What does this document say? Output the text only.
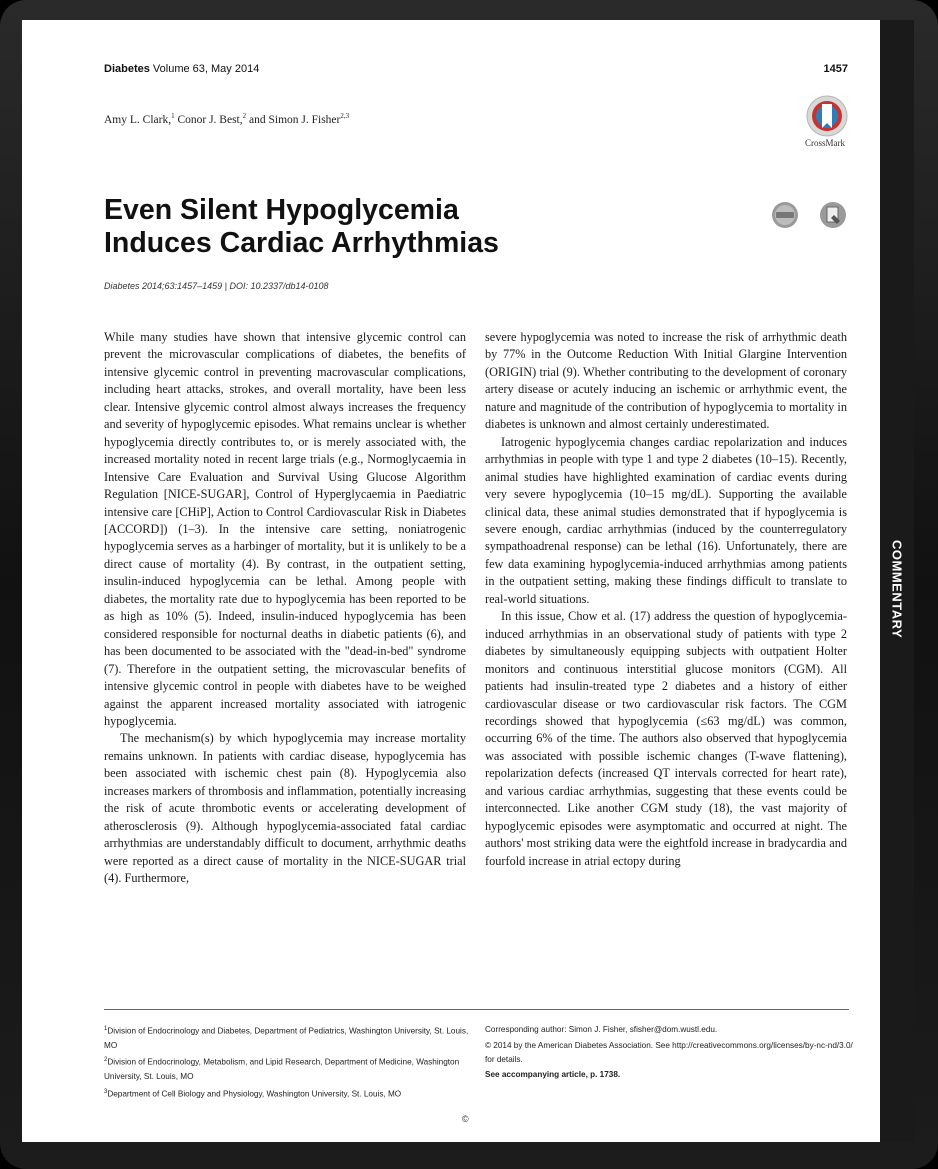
Diabetes Volume 63, May 2014	1457
Amy L. Clark,$^1$ Conor J. Best,$^2$ and Simon J. Fisher$^{2,3}$
CrossMark
Even Silent Hypoglycemia
Induces Cardiac Arrhythmias
Diabetes 2014;63:1457–1459 | DOI: 10.2337/db14-0108

While many studies have shown that intensive glycemic control can prevent the microvascular complications of diabetes, the benefits of intensive glycemic control in preventing macrovascular complications, including heart attacks, strokes, and overall mortality, have been less clear. Intensive glycemic control almost always increases the frequency and severity of hypoglycemic episodes. What remains unclear is whether hypoglycemia directly contributes to, or is merely associated with, the increased mortality noted in recent large trials (e.g., Normoglycaemia in Intensive Care Evaluation and Survival Using Glucose Algorithm Regulation [NICE-SUGAR], Control of Hyperglycaemia in Paediatric intensive care [CHiP], Action to Control Cardiovascular Risk in Diabetes [ACCORD]) (1–3). In the intensive care setting, noniatrogenic hypoglycemia serves as a harbinger of mortality, but it is unlikely to be a direct cause of mortality (4). By contrast, in the outpatient setting, insulin-induced hypoglycemia can be lethal. Among people with diabetes, the mortality rate due to hypoglycemia has been reported to be as high as 10% (5). Indeed, insulin-induced hypoglycemia has been considered responsible for nocturnal deaths in diabetic patients (6), and has been documented to be associated with the "dead-in-bed" syndrome (7). Therefore in the outpatient setting, the microvascular benefits of intensive glycemic control in people with diabetes have to be weighed against the apparent increased mortality associated with iatrogenic hypoglycemia.

The mechanism(s) by which hypoglycemia may increase mortality remains unknown. In patients with cardiac disease, hypoglycemia has been associated with ischemic chest pain (8). Hypoglycemia also increases markers of thrombosis and inflammation, potentially increasing the risk of acute thrombotic events or accelerating development of atherosclerosis (9). Although hypoglycemia-associated fatal cardiac arrhythmias are understandably difficult to document, arrhythmic deaths were reported as a direct cause of mortality in the NICE-SUGAR trial (4). Furthermore,

severe hypoglycemia was noted to increase the risk of arrhythmic death by 77% in the Outcome Reduction With Initial Glargine Intervention (ORIGIN) trial (9). Whether contributing to the development of coronary artery disease or acutely inducing an ischemic or arrhythmic event, the nature and magnitude of the contribution of hypoglycemia to mortality in diabetes is unknown and almost certainly underestimated.

Iatrogenic hypoglycemia changes cardiac repolarization and induces arrhythmias in people with type 1 and type 2 diabetes (10–15). Recently, animal studies have highlighted examination of cardiac events during very severe hypoglycemia (10–15 mg/dL). Supporting the available clinical data, these animal studies demonstrated that if hypoglycemia is severe enough, cardiac arrhythmias (induced by the counterregulatory sympathoadrenal response) can be lethal (16). Unfortunately, there are few data examining hypoglycemia-induced arrhythmias among patients in the outpatient setting, making these findings difficult to translate to real-world situations.

In this issue, Chow et al. (17) address the question of hypoglycemia-induced arrhythmias in an observational study of patients with type 2 diabetes by simultaneously equipping subjects with outpatient Holter monitors and continuous interstitial glucose monitors (CGM). All patients had insulin-treated type 2 diabetes and a history of either cardiovascular disease or two cardiovascular risk factors. The CGM recordings showed that hypoglycemia (≤63 mg/dL) was common, occurring 6% of the time. The authors also observed that hypoglycemia was associated with possible ischemic changes (T-wave flattening), repolarization defects (increased QT intervals corrected for heart rate), and various cardiac arrhythmias, suggesting that these events could be interconnected. Like another CGM study (18), the vast majority of hypoglycemic episodes were asymptomatic and occurred at night. The authors' most striking data were the eightfold increase in bradycardia and fourfold increase in atrial ectopy during

$^1$Division of Endocrinology and Diabetes, Department of Pediatrics, Washington University, St. Louis, MO

$^2$Division of Endocrinology, Metabolism, and Lipid Research, Department of Medicine, Washington University, St. Louis, MO

$^3$Department of Cell Biology and Physiology, Washington University, St. Louis, MO

Corresponding author: Simon J. Fisher, sfisher@dom.wustl.edu.

© 2014 by the American Diabetes Association. See http://creativecommons.org/licenses/by-nc-nd/3.0/ for details.

See accompanying article, p. 1738.

©
COMMENTARY
